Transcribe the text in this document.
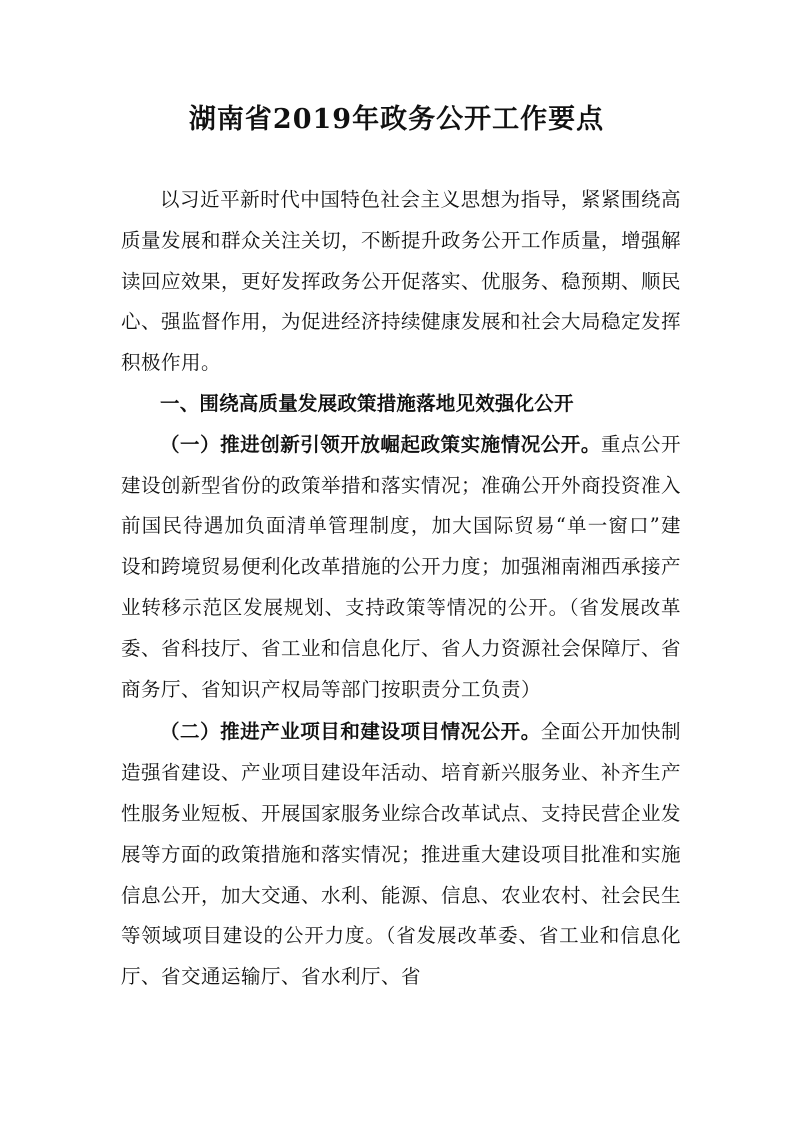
湖南省2019年政务公开工作要点

以习近平新时代中国特色社会主义思想为指导，紧紧围绕高质量发展和群众关注关切，不断提升政务公开工作质量，增强解读回应效果，更好发挥政务公开促落实、优服务、稳预期、顺民心、强监督作用，为促进经济持续健康发展和社会大局稳定发挥积极作用。

一、围绕高质量发展政策措施落地见效强化公开

（一）推进创新引领开放崛起政策实施情况公开。重点公开建设创新型省份的政策举措和落实情况；准确公开外商投资准入前国民待遇加负面清单管理制度，加大国际贸易“单一窗口”建设和跨境贸易便利化改革措施的公开力度；加强湘南湘西承接产业转移示范区发展规划、支持政策等情况的公开。（省发展改革委、省科技厅、省工业和信息化厅、省人力资源社会保障厅、省商务厅、省知识产权局等部门按职责分工负责）

（二）推进产业项目和建设项目情况公开。全面公开加快制造强省建设、产业项目建设年活动、培育新兴服务业、补齐生产性服务业短板、开展国家服务业综合改革试点、支持民营企业发展等方面的政策措施和落实情况；推进重大建设项目批准和实施信息公开，加大交通、水利、能源、信息、农业农村、社会民生等领域项目建设的公开力度。（省发展改革委、省工业和信息化厅、省交通运输厅、省水利厅、省
